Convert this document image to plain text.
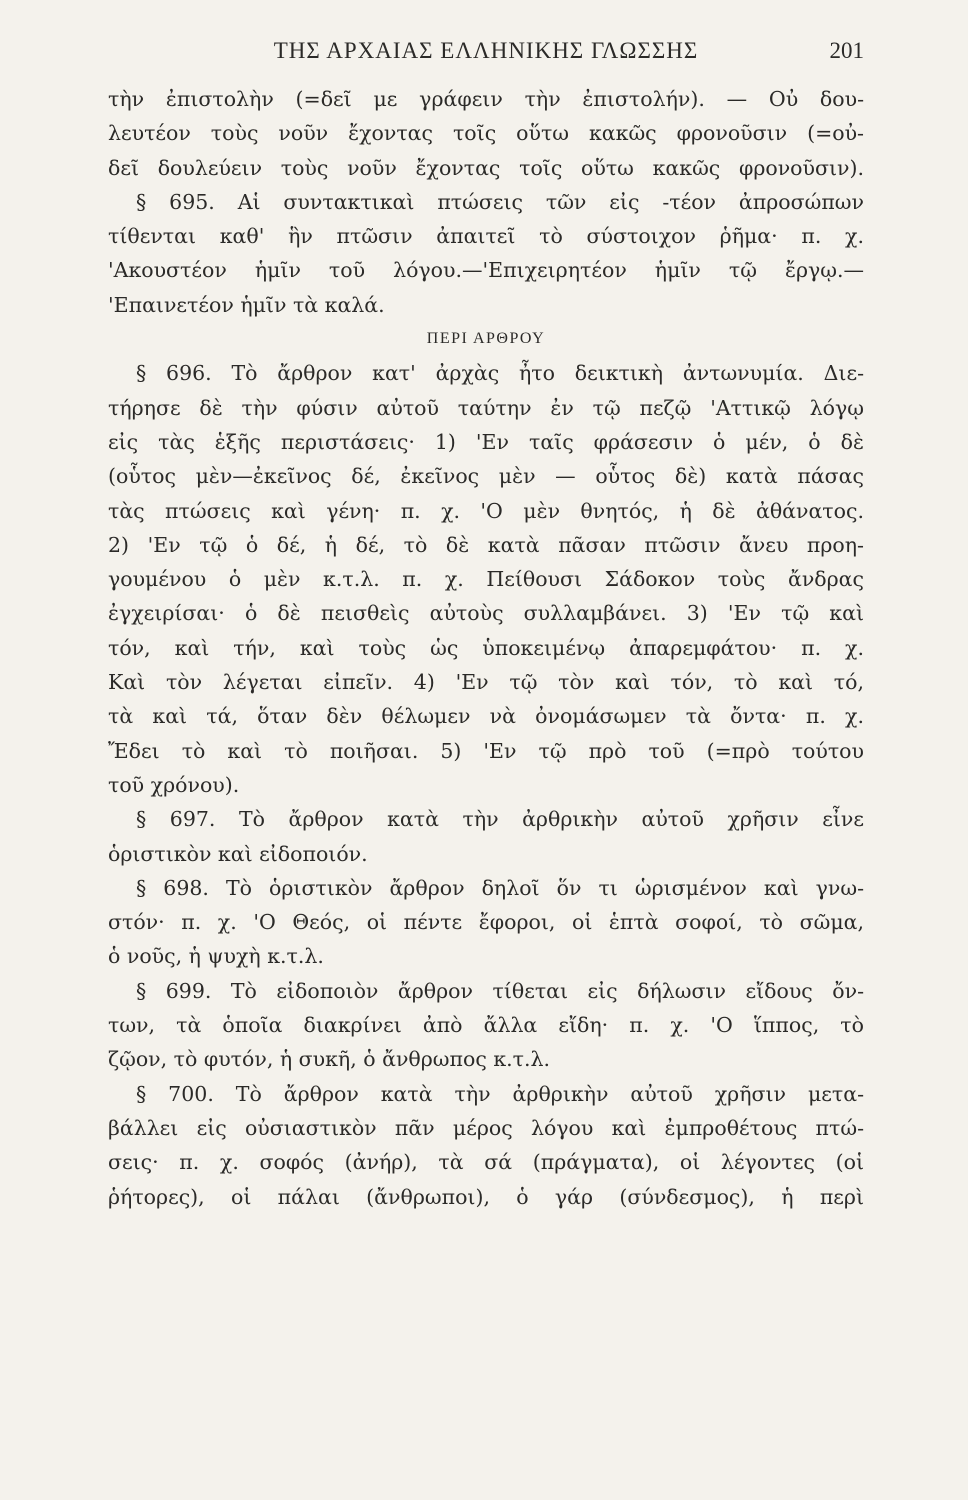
ΤΗΣ ΑΡΧΑΙΑΣ ΕΛΛΗΝΙΚΗΣ ΓΛΩΣΣΗΣ	201
τὴν ἐπιστολὴν (=δεῖ με γράφειν τὴν ἐπιστολήν). — Οὐ δου-
λευτέον τοὺς νοῦν ἔχοντας τοῖς οὕτω κακῶς φρονοῦσιν (=οὐ-
δεῖ δουλεύειν τοὺς νοῦν ἔχοντας τοῖς οὕτω κακῶς φρονοῦσιν).
§ 695. Αἱ συντακτικαὶ πτώσεις τῶν εἰς -τέον ἀπροσώπων
τίθενται καθ' ἣν πτῶσιν ἀπαιτεῖ τὸ σύστοιχον ῥῆμα· π. χ.
'Ακουστέον ἡμῖν τοῦ λόγου.—'Επιχειρητέον ἡμῖν τῷ ἔργῳ.—
'Επαινετέον ἡμῖν τὰ καλά.
ΠΕΡΙ ΑΡΘΡΟΥ
§ 696. Τὸ ἄρθρον κατ' ἀρχὰς ἦτο δεικτικὴ ἀντωνυμία. Διε-
τήρησε δὲ τὴν φύσιν αὐτοῦ ταύτην ἐν τῷ πεζῷ 'Αττικῷ λόγῳ
εἰς τὰς ἑξῆς περιστάσεις· 1) 'Εν ταῖς φράσεσιν ὁ μέν, ὁ δὲ
(οὗτος μὲν—ἐκεῖνος δέ, ἐκεῖνος μὲν — οὗτος δὲ) κατὰ πάσας
τὰς πτώσεις καὶ γένη· π. χ. 'Ο μὲν θνητός, ἡ δὲ ἀθάνατος.
2) 'Εν τῷ ὁ δέ, ἡ δέ, τὸ δὲ κατὰ πᾶσαν πτῶσιν ἄνευ προη-
γουμένου ὁ μὲν κ.τ.λ. π. χ. Πείθουσι Σάδοκον τοὺς ἄνδρας
ἐγχειρίσαι· ὁ δὲ πεισθεὶς αὐτοὺς συλλαμβάνει. 3) 'Εν τῷ καὶ
τόν, καὶ τήν, καὶ τοὺς ὡς ὑποκειμένῳ ἀπαρεμφάτου· π. χ.
Καὶ τὸν λέγεται εἰπεῖν. 4) 'Εν τῷ τὸν καὶ τόν, τὸ καὶ τό,
τὰ καὶ τά, ὅταν δὲν θέλωμεν νὰ ὀνομάσωμεν τὰ ὄντα· π. χ.
Ἔδει τὸ καὶ τὸ ποιῆσαι. 5) 'Εν τῷ πρὸ τοῦ (=πρὸ τούτου
τοῦ χρόνου).
§ 697. Τὸ ἄρθρον κατὰ τὴν ἀρθρικὴν αὐτοῦ χρῆσιν εἶνε
ὁριστικὸν καὶ εἰδοποιόν.
§ 698. Τὸ ὁριστικὸν ἄρθρον δηλοῖ ὅν τι ὡρισμένον καὶ γνω-
στόν· π. χ. 'Ο Θεός, οἱ πέντε ἔφοροι, οἱ ἑπτὰ σοφοί, τὸ σῶμα,
ὁ νοῦς, ἡ ψυχὴ κ.τ.λ.
§ 699. Τὸ εἰδοποιὸν ἄρθρον τίθεται εἰς δήλωσιν εἴδους ὄν-
των, τὰ ὁποῖα διακρίνει ἀπὸ ἄλλα εἴδη· π. χ. 'Ο ἵππος, τὸ
ζῷον, τὸ φυτόν, ἡ συκῆ, ὁ ἄνθρωπος κ.τ.λ.
§ 700. Τὸ ἄρθρον κατὰ τὴν ἀρθρικὴν αὐτοῦ χρῆσιν μετα-
βάλλει εἰς οὐσιαστικὸν πᾶν μέρος λόγου καὶ ἐμπροθέτους πτώ-
σεις· π. χ. σοφός (ἀνήρ), τὰ σά (πράγματα), οἱ λέγοντες (οἱ
ῥήτορες), οἱ πάλαι (ἄνθρωποι), ὁ γάρ (σύνδεσμος), ἡ περὶ
